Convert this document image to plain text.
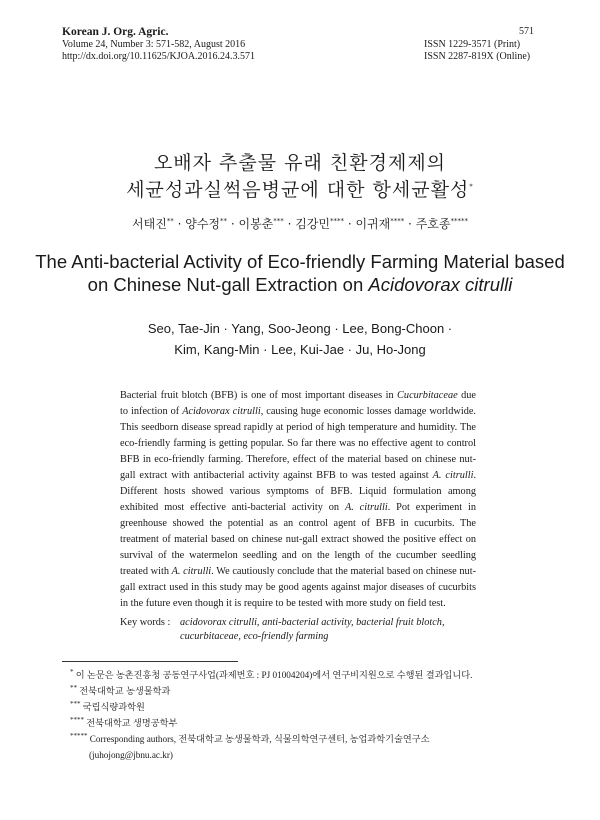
Korean J. Org. Agric.
Volume 24, Number 3: 571-582, August 2016
http://dx.doi.org/10.11625/KJOA.2016.24.3.571
571
ISSN 1229-3571 (Print)
ISSN 2287-819X (Online)
오배자 추출물 유래 친환경제제의
세균성과실썩음병균에 대한 항세균활성*
서태진** · 양수정** · 이봉춘*** · 김강민**** · 이귀재**** · 주호종*****
The Anti-bacterial Activity of Eco-friendly Farming Material based
on Chinese Nut-gall Extraction on Acidovorax citrulli
Seo, Tae-Jin · Yang, Soo-Jeong · Lee, Bong-Choon ·
Kim, Kang-Min · Lee, Kui-Jae · Ju, Ho-Jong

Bacterial fruit blotch (BFB) is one of most important diseases in Cucurbitaceae due to infection of Acidovorax citrulli, causing huge economic losses damage worldwide. This seedborn disease spread rapidly at period of high temperature and humidity. The eco-friendly farming is getting popular. So far there was no effective agent to control BFB in eco-friendly farming. Therefore, effect of the material based on chinese nut-gall extract with antibacterial activity against BFB to was tested against A. citrulli. Different hosts showed various symptoms of BFB. Liquid formulation among exhibited most effective anti-bacterial activity on A. citrulli. Pot experiment in greenhouse showed the potential as an control agent of BFB in cucurbits. The treatment of material based on chinese nut-gall extract showed the positive effect on survival of the watermelon seedling and on the length of the cucumber seedling treated with A. citrulli. We cautiously conclude that the material based on chinese nut-gall extract used in this study may be good agents against major diseases of cucurbits in the future even though it is require to be tested with more study on field test.

Key words : acidovorax citrulli, anti-bacterial activity, bacterial fruit blotch,
cucurbitaceae, eco-friendly farming
* 이 논문은 농촌진흥청 공동연구사업(과제번호 : PJ 01004204)에서 연구비지원으로 수행된 결과입니다.
** 전북대학교 농생물학과
*** 국립식량과학원
**** 전북대학교 생명공학부
***** Corresponding authors, 전북대학교 농생물학과, 식물의학연구센터, 농업과학기술연구소
(juhojong@jbnu.ac.kr)
